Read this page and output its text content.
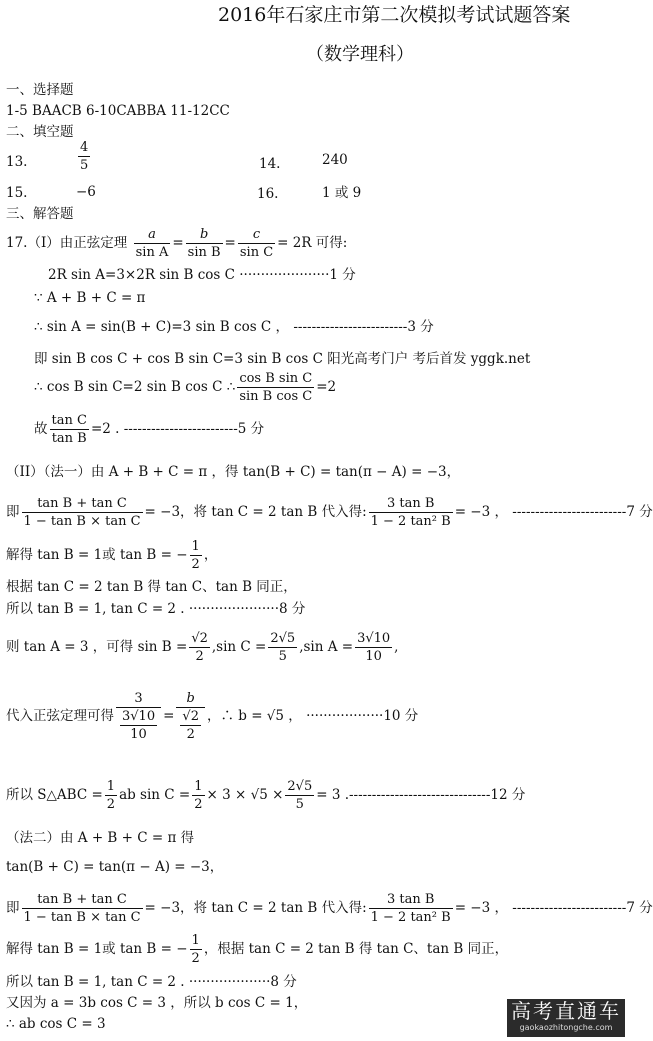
2016年石家庄市第二次模拟考试试题答案
（数学理科）
一、选择题
1-5 BAACB 6-10CABBA 11-12CC
二、填空题
13.	$\frac{4}{5}$	14.	240
15.	−6	16.	1 或 9
三、解答题
17.（I）由正弦定理 $\frac{a}{\text{sin A}} = \frac{b}{\text{sin B}} = \frac{c}{\text{sin C}} = 2R$ 可得:
2R sin A=3×2R sin B cos C ·····················1 分
∵ A + B + C = π
∴ sin A = sin(B + C)=3 sin B cos C ， -------------------------3 分
即 sin B cos C + cos B sin C=3 sin B cos C 阳光高考门户 考后首发 yggk.net
∴ cos B sin C=2 sin B cos C ∴ $\frac{\text{cos B sin C}}{\text{sin B cos C}} =2$
故 $\frac{\text{tan C}}{\text{tan B}} =2$ . -------------------------5 分
（II）（法一）由 A + B + C = π ，得 tan(B + C) = tan(π − A) = −3，
即 $\frac{\text{tan B + tan C}}{\text{1 − tan B × tan C}} = -3$，将 tan C = 2 tan B 代入得: $\frac{\text{3 tan B}}{\text{1 − 2 tan² B}} = -3$ ， -------------------------7 分
解得 tan B = 1或 tan B = − $\frac{1}{2}$ ，
根据 tan C = 2 tan B 得 tan C、tan B 同正，
所以 tan B = 1, tan C = 2 . ·····················8 分
则 tan A = 3 ，可得 $\sin B = \frac{√2}{2} ,\sin$ $C = \frac{2√5}{5} ,\sin$ $A = \frac{3√10}{10}$ ,
代入正弦定理可得 $\frac{3}{\frac{3√10}{10}} = \frac{b}{\frac{√2}{2}}$ ，∴ b = √5 ， ··················10 分
所以 S△ABC = $\frac{1}{2}$ ab $\sin C = \frac{1}{2} \times 3 \times √5 \times \frac{2√5}{5} = 3$ .-------------------------------12 分
（法二）由 A + B + C = π 得
tan(B + C) = tan(π − A) = −3，
即 $\frac{\text{tan B + tan C}}{\text{1 − tan B × tan C}} = -3$，将 tan C = 2 tan B 代入得: $\frac{\text{3 tan B}}{\text{1 − 2 tan² B}} = -3$ ， -------------------------7 分
解得 tan B = 1或 tan B = − $\frac{1}{2}$ ，根据 tan C = 2 tan B 得 tan C、tan B 同正，
所以 tan B = 1, tan C = 2 . ···················8 分
又因为 a = 3b cos C = 3 ，所以 b cos C = 1，
∴ ab cos C = 3
高考直通车
gaokaozhitongche.com
